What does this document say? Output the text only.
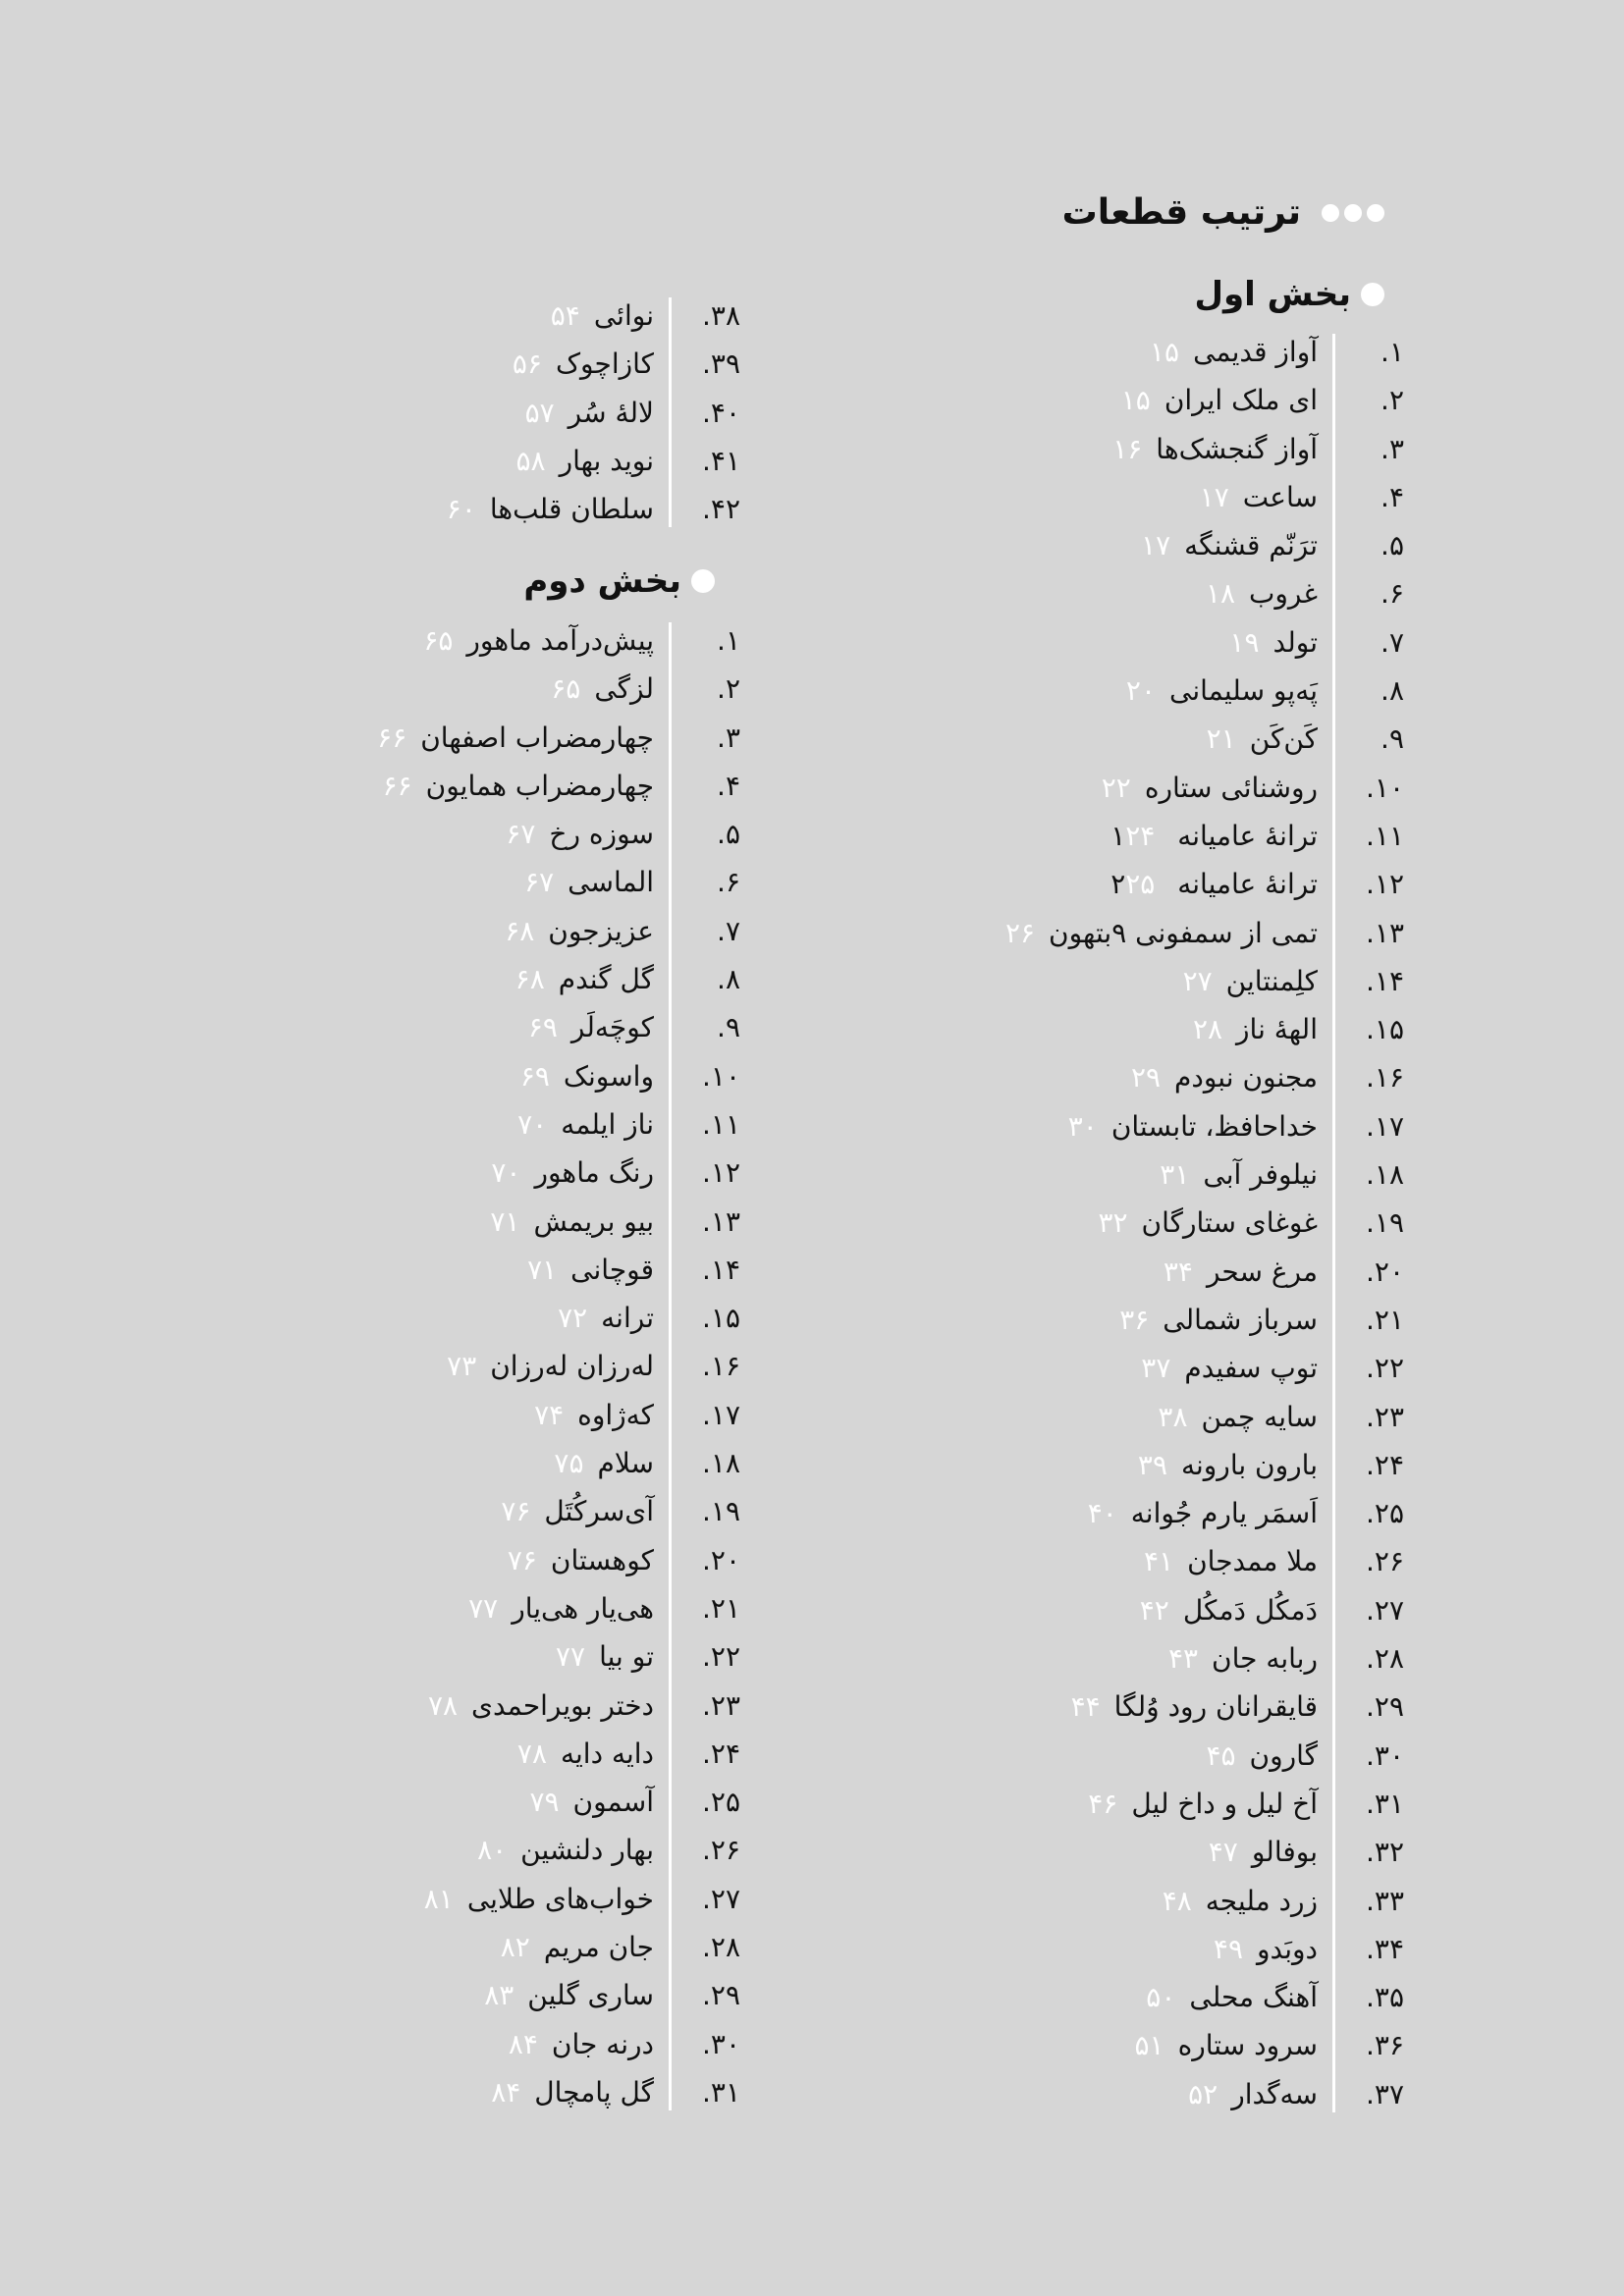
ترتیب قطعات
بخش اول
۱.
آواز قدیمی۱۵
۲.
ای ملک ایران۱۵
۳.
آواز گنجشک‌ها۱۶
۴.
ساعت۱۷
۵.
ترَنّم قشنگه۱۷
۶.
غروب۱۸
۷.
تولد۱۹
۸.
پَه‌پو سلیمانی۲۰
۹.
کَن‌کَن۲۱
۱۰.
روشنائی ستاره۲۲
۱۱.
ترانهٔ عامیانه ۱۲۴
۱۲.
ترانهٔ عامیانه ۲۲۵
۱۳.
تمی از سمفونی ۹بتهون۲۶
۱۴.
کلِمنتاین۲۷
۱۵.
الههٔ ناز۲۸
۱۶.
مجنون نبودم۲۹
۱۷.
خداحافظ، تابستان۳۰
۱۸.
نیلوفر آبی۳۱
۱۹.
غوغای ستارگان۳۲
۲۰.
مرغ سحر۳۴
۲۱.
سرباز شمالی۳۶
۲۲.
توپ سفیدم۳۷
۲۳.
سایه چمن۳۸
۲۴.
بارون بارونه۳۹
۲۵.
اَسمَر یارم جُوانه۴۰
۲۶.
ملا ممدجان۴۱
۲۷.
دَمکُل دَمکُل۴۲
۲۸.
ربابه جان۴۳
۲۹.
قایقرانان رود وُلگا۴۴
۳۰.
گارون۴۵
۳۱.
آخ لیل و داخ لیل۴۶
۳۲.
بوفالو۴۷
۳۳.
زرد ملیجه۴۸
۳۴.
دوبَدو۴۹
۳۵.
آهنگ محلی۵۰
۳۶.
سرود ستاره۵۱
۳۷.
سه‌گدار۵۲
۳۸.
نوائی۵۴
۳۹.
کازاچوک۵۶
۴۰.
لالهٔ سُر۵۷
۴۱.
نوید بهار۵۸
۴۲.
سلطان قلب‌ها۶۰
بخش دوم
۱.
پیش‌درآمد ماهور۶۵
۲.
لزگی۶۵
۳.
چهارمضراب اصفهان۶۶
۴.
چهارمضراب همایون۶۶
۵.
سوزه رخ۶۷
۶.
الماسی۶۷
۷.
عزیزجون۶۸
۸.
گل گندم۶۸
۹.
کوچَه‌لَر۶۹
۱۰.
واسونک۶۹
۱۱.
ناز ایلمه۷۰
۱۲.
رنگ ماهور۷۰
۱۳.
بیو بریمش۷۱
۱۴.
قوچانی۷۱
۱۵.
ترانه۷۲
۱۶.
له‌رزان له‌رزان۷۳
۱۷.
که‌ژاوه۷۴
۱۸.
سلام۷۵
۱۹.
آی‌سرکُتَل۷۶
۲۰.
کوهستان۷۶
۲۱.
هی‌یار هی‌یار۷۷
۲۲.
تو بیا۷۷
۲۳.
دختر بویراحمدی۷۸
۲۴.
دایه دایه۷۸
۲۵.
آسمون۷۹
۲۶.
بهار دلنشین۸۰
۲۷.
خواب‌های طلایی۸۱
۲۸.
جان مریم۸۲
۲۹.
ساری گلین۸۳
۳۰.
درنه جان۸۴
۳۱.
گل پامچال۸۴
